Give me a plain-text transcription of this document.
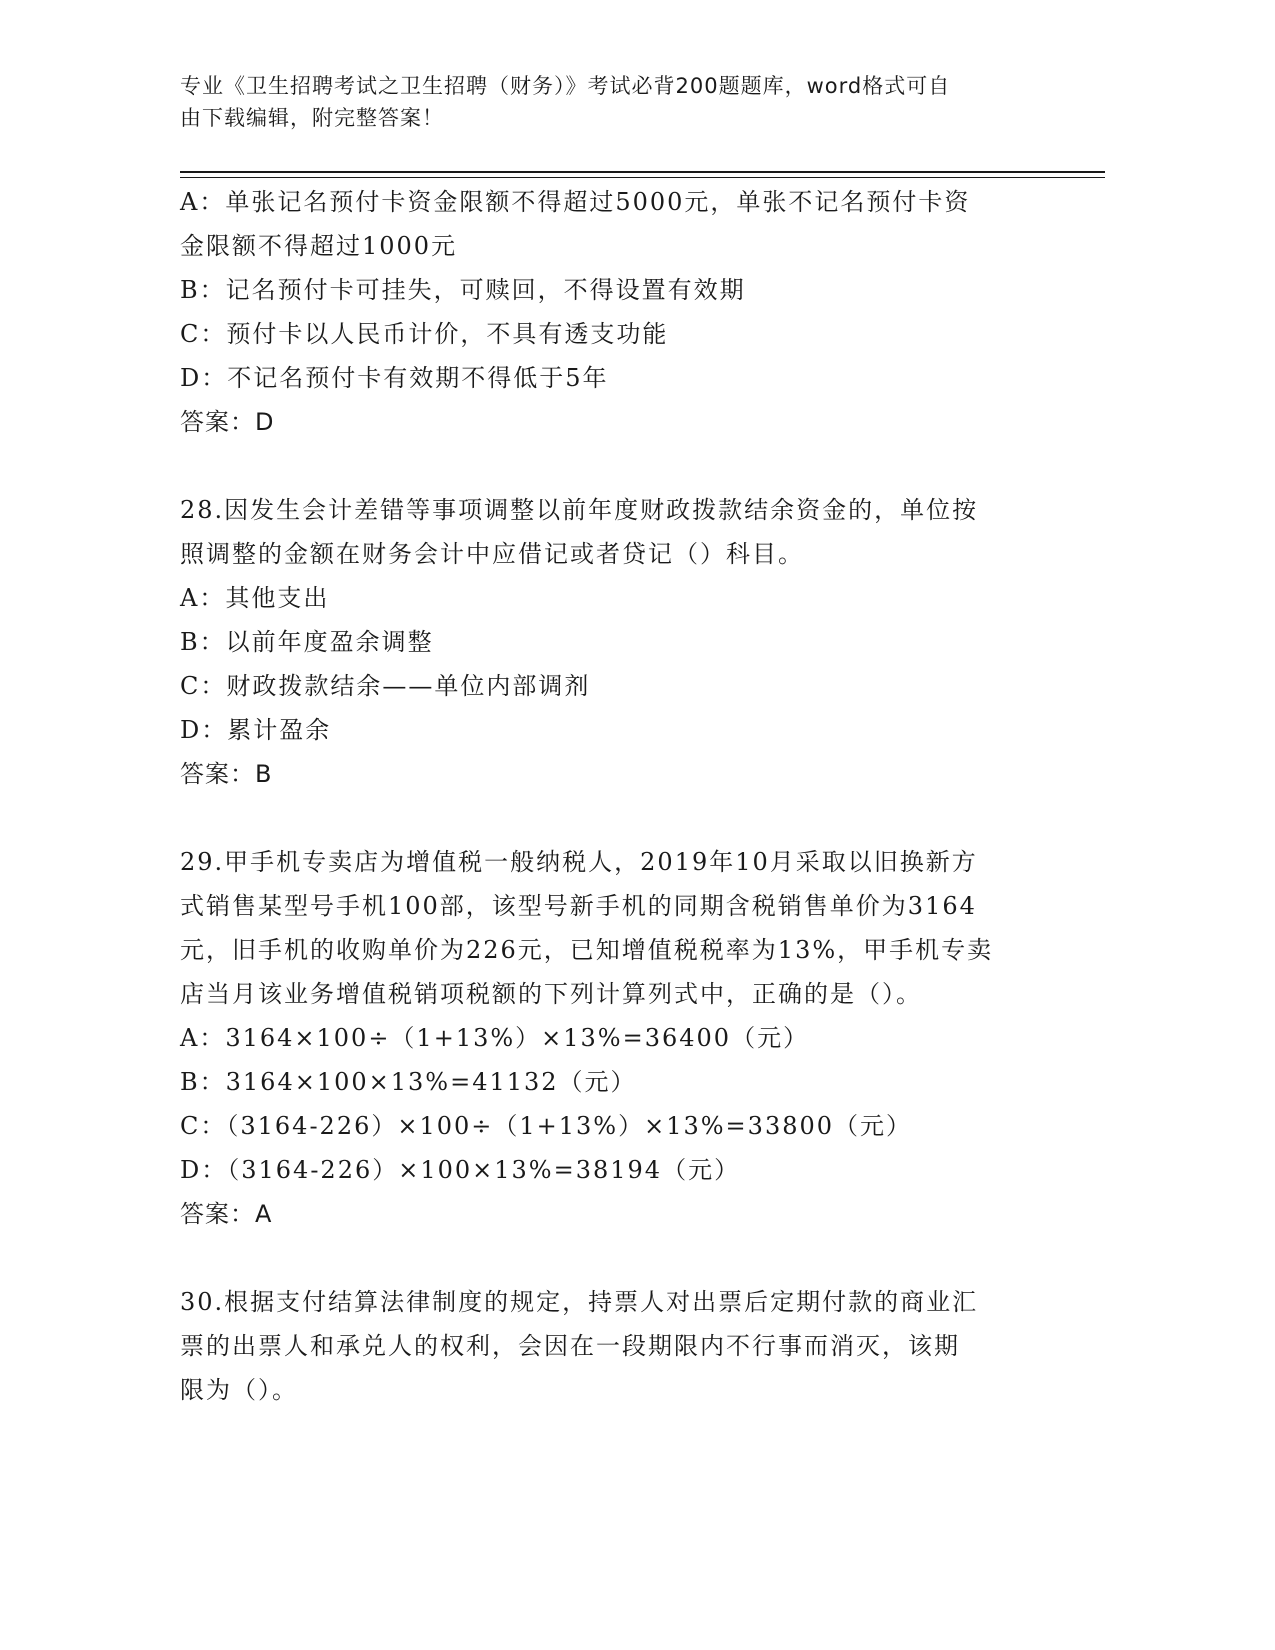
专业《卫生招聘考试之卫生招聘（财务）》考试必背200题题库，word格式可自
由下载编辑，附完整答案！
A：单张记名预付卡资金限额不得超过5000元，单张不记名预付卡资
金限额不得超过1000元
B：记名预付卡可挂失，可赎回，不得设置有效期
C：预付卡以人民币计价，不具有透支功能
D：不记名预付卡有效期不得低于5年
答案：D
28.因发生会计差错等事项调整以前年度财政拨款结余资金的，单位按
照调整的金额在财务会计中应借记或者贷记（）科目。
A：其他支出
B：以前年度盈余调整
C：财政拨款结余——单位内部调剂
D：累计盈余
答案：B
29.甲手机专卖店为增值税一般纳税人，2019年10月采取以旧换新方
式销售某型号手机100部，该型号新手机的同期含税销售单价为3164
元，旧手机的收购单价为226元，已知增值税税率为13%，甲手机专卖
店当月该业务增值税销项税额的下列计算列式中，正确的是（）。
A：3164×100÷（1+13%）×13%=36400（元）
B：3164×100×13%=41132（元）
C：（3164-226）×100÷（1+13%）×13%=33800（元）
D：（3164-226）×100×13%=38194（元）
答案：A
30.根据支付结算法律制度的规定，持票人对出票后定期付款的商业汇
票的出票人和承兑人的权利，会因在一段期限内不行事而消灭，该期
限为（）。
